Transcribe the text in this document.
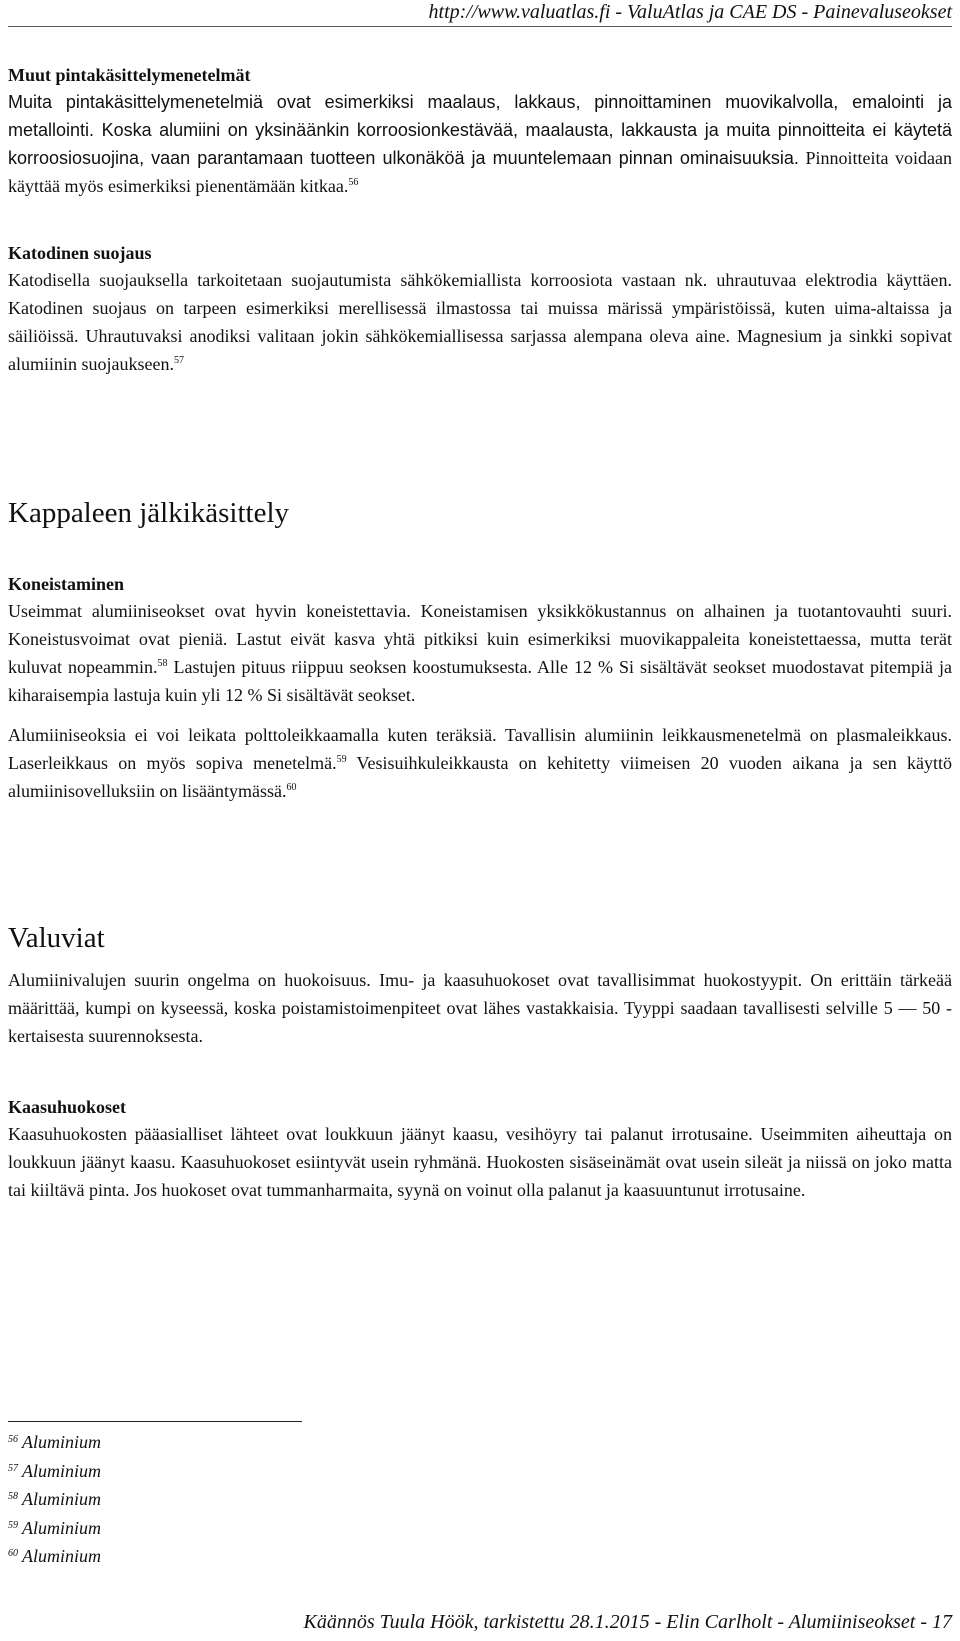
http://www.valuatlas.fi - ValuAtlas ja CAE DS - Painevaluseokset
Muut pintakäsittelymenetelmät

Muita pintakäsittelymenetelmiä ovat esimerkiksi maalaus, lakkaus, pinnoittaminen muovikalvolla, emalointi ja metallointi. Koska alumiini on yksinäänkin korroosionkestävää, maalausta, lakkausta ja muita pinnoitteita ei käytetä korroosiosuojina, vaan parantamaan tuotteen ulkonäköä ja muuntelemaan pinnan ominaisuuksia. Pinnoitteita voidaan käyttää myös esimerkiksi pienentämään kitkaa.$^{56}$

Katodinen suojaus

Katodisella suojauksella tarkoitetaan suojautumista sähkökemiallista korroosiota vastaan nk. uhrautuvaa elektrodia käyttäen. Katodinen suojaus on tarpeen esimerkiksi merellisessä ilmastossa tai muissa märissä ympäristöissä, kuten uima-altaissa ja säiliöissä. Uhrautuvaksi anodiksi valitaan jokin sähkökemiallisessa sarjassa alempana oleva aine. Magnesium ja sinkki sopivat alumiinin suojaukseen.$^{57}$

Kappaleen jälkikäsittely
Koneistaminen

Useimmat alumiiniseokset ovat hyvin koneistettavia. Koneistamisen yksikkökustannus on alhainen ja tuotantovauhti suuri. Koneistusvoimat ovat pieniä. Lastut eivät kasva yhtä pitkiksi kuin esimerkiksi muovikappaleita koneistettaessa, mutta terät kuluvat nopeammin.$^{58}$ Lastujen pituus riippuu seoksen koostumuksesta. Alle 12 % Si sisältävät seokset muodostavat pitempiä ja kiharaisempia lastuja kuin yli 12 % Si sisältävät seokset.

Alumiiniseoksia ei voi leikata polttoleikkaamalla kuten teräksiä. Tavallisin alumiinin leikkausmenetelmä on plasmaleikkaus. Laserleikkaus on myös sopiva menetelmä.$^{59}$ Vesisuihkuleikkausta on kehitetty viimeisen 20 vuoden aikana ja sen käyttö alumiinisovelluksiin on lisääntymässä.$^{60}$

Valuviat

Alumiinivalujen suurin ongelma on huokoisuus. Imu- ja kaasuhuokoset ovat tavallisimmat huokostyypit. On erittäin tärkeää määrittää, kumpi on kyseessä, koska poistamistoimenpiteet ovat lähes vastakkaisia. Tyyppi saadaan tavallisesti selville 5 — 50 -kertaisesta suurennoksesta.

Kaasuhuokoset

Kaasuhuokosten pääasialliset lähteet ovat loukkuun jäänyt kaasu, vesihöyry tai palanut irrotusaine. Useimmiten aiheuttaja on loukkuun jäänyt kaasu. Kaasuhuokoset esiintyvät usein ryhmänä. Huokosten sisäseinämät ovat usein sileät ja niissä on joko matta tai kiiltävä pinta. Jos huokoset ovat tummanharmaita, syynä on voinut olla palanut ja kaasuuntunut irrotusaine.

$^{56}$ Aluminium
$^{57}$ Aluminium
$^{58}$ Aluminium
$^{59}$ Aluminium
$^{60}$ Aluminium
Käännös Tuula Höök, tarkistettu 28.1.2015 - Elin Carlholt - Alumiiniseokset - 17
